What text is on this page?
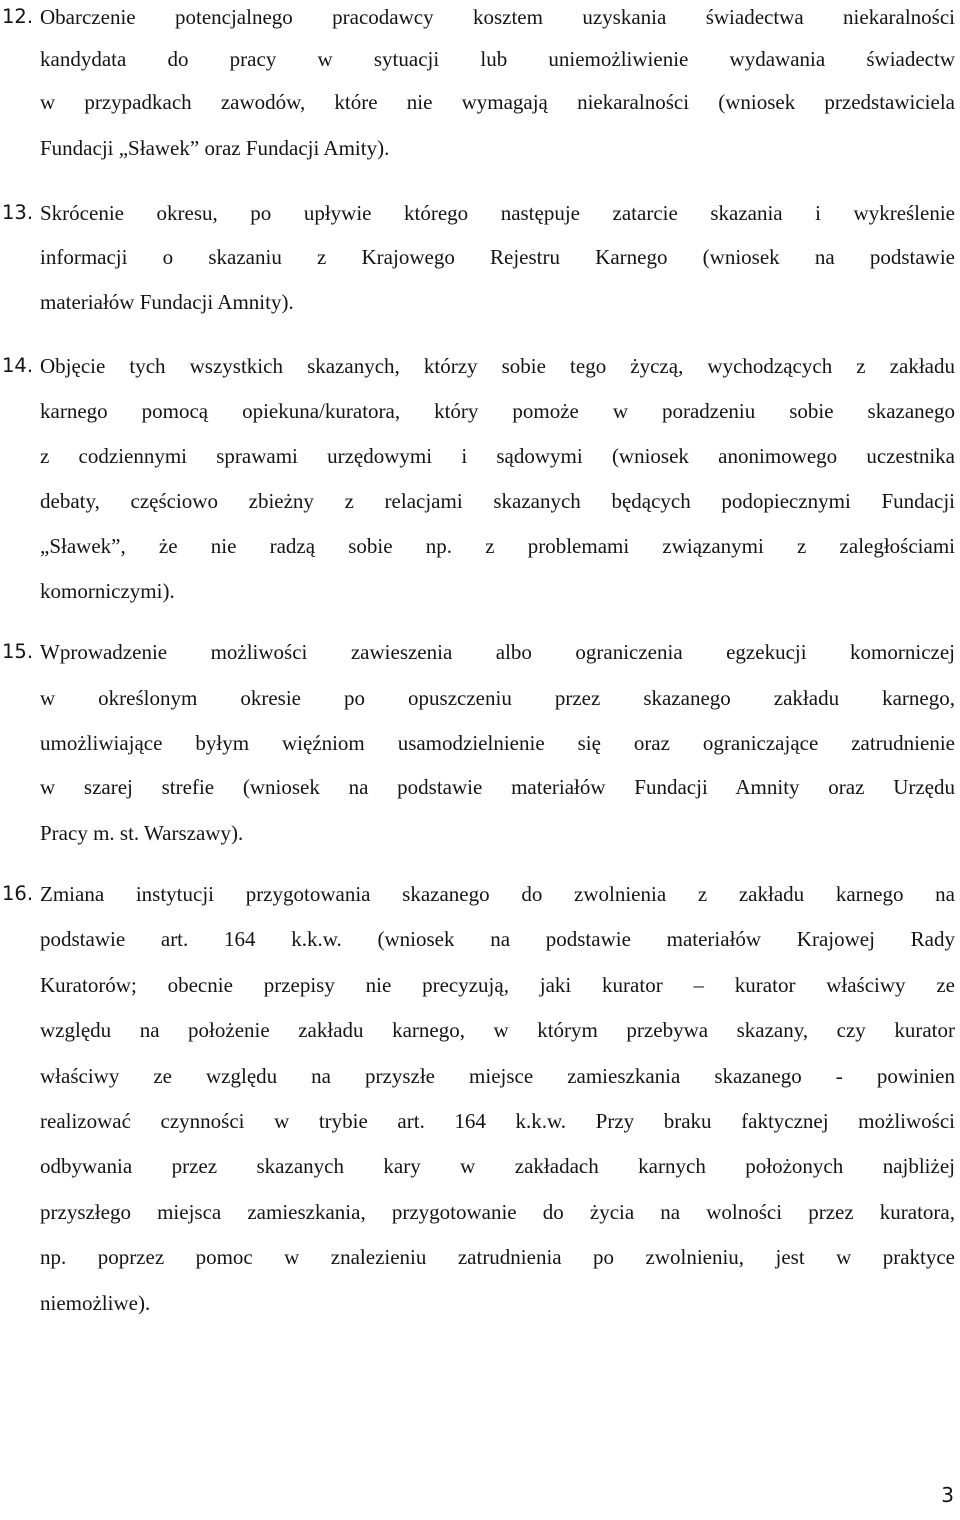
12. Obarczenie potencjalnego pracodawcy kosztem uzyskania świadectwa niekaralności
kandydata do pracy w sytuacji lub uniemożliwienie wydawania świadectw
w przypadkach zawodów, które nie wymagają niekaralności (wniosek przedstawiciela
Fundacji „Sławek” oraz Fundacji Amity).
13. Skrócenie okresu, po upływie którego następuje zatarcie skazania i wykreślenie
informacji o skazaniu z Krajowego Rejestru Karnego (wniosek na podstawie
materiałów Fundacji Amnity).
14. Objęcie tych wszystkich skazanych, którzy sobie tego życzą, wychodzących z zakładu
karnego pomocą opiekuna/kuratora, który pomoże w poradzeniu sobie skazanego
z codziennymi sprawami urzędowymi i sądowymi (wniosek anonimowego uczestnika
debaty, częściowo zbieżny z relacjami skazanych będących podopiecznymi Fundacji
„Sławek”, że nie radzą sobie np. z problemami związanymi z zaległościami
komorniczymi).
15. Wprowadzenie możliwości zawieszenia albo ograniczenia egzekucji komorniczej
w określonym okresie po opuszczeniu przez skazanego zakładu karnego,
umożliwiające byłym więźniom usamodzielnienie się oraz ograniczające zatrudnienie
w szarej strefie (wniosek na podstawie materiałów Fundacji Amnity oraz Urzędu
Pracy m. st. Warszawy).
16. Zmiana instytucji przygotowania skazanego do zwolnienia z zakładu karnego na
podstawie art. 164 k.k.w. (wniosek na podstawie materiałów Krajowej Rady
Kuratorów; obecnie przepisy nie precyzują, jaki kurator – kurator właściwy ze
względu na położenie zakładu karnego, w którym przebywa skazany, czy kurator
właściwy ze względu na przyszłe miejsce zamieszkania skazanego - powinien
realizować czynności w trybie art. 164 k.k.w. Przy braku faktycznej możliwości
odbywania przez skazanych kary w zakładach karnych położonych najbliżej
przyszłego miejsca zamieszkania, przygotowanie do życia na wolności przez kuratora,
np. poprzez pomoc w znalezieniu zatrudnienia po zwolnieniu, jest w praktyce
niemożliwe).
3
